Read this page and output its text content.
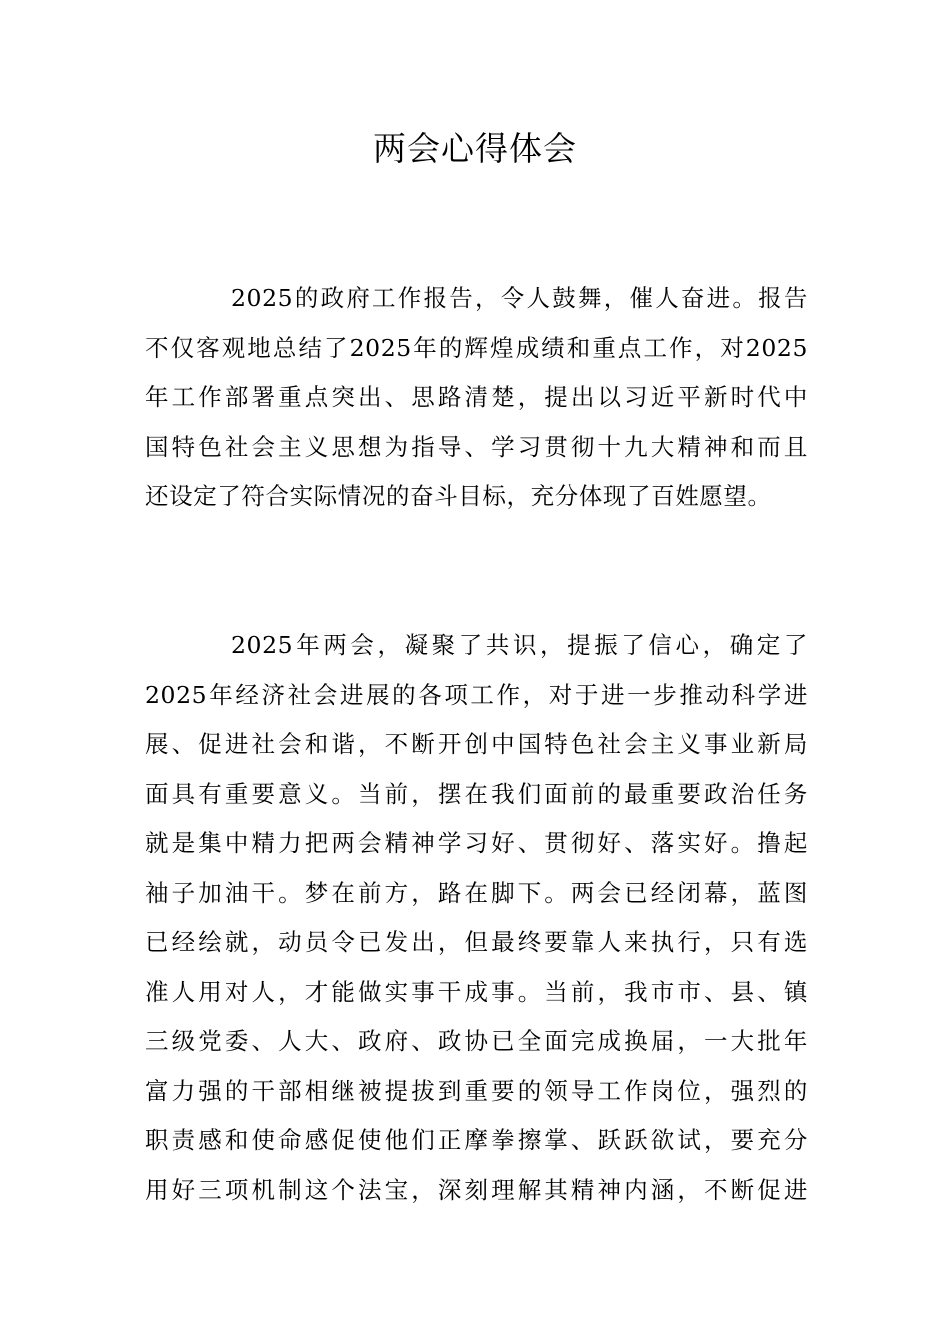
两会心得体会
2025的政府工作报告，令人鼓舞，催人奋进。报告
不仅客观地总结了2025年的辉煌成绩和重点工作，对2025
年工作部署重点突出、思路清楚，提出以习近平新时代中
国特色社会主义思想为指导、学习贯彻十九大精神和而且
还设定了符合实际情况的奋斗目标，充分体现了百姓愿望。
2025年两会，凝聚了共识，提振了信心，确定了
2025年经济社会进展的各项工作，对于进一步推动科学进
展、促进社会和谐，不断开创中国特色社会主义事业新局
面具有重要意义。当前，摆在我们面前的最重要政治任务
就是集中精力把两会精神学习好、贯彻好、落实好。撸起
袖子加油干。梦在前方，路在脚下。两会已经闭幕，蓝图
已经绘就，动员令已发出，但最终要靠人来执行，只有选
准人用对人，才能做实事干成事。当前，我市市、县、镇
三级党委、人大、政府、政协已全面完成换届，一大批年
富力强的干部相继被提拔到重要的领导工作岗位，强烈的
职责感和使命感促使他们正摩拳擦掌、跃跃欲试，要充分
用好三项机制这个法宝，深刻理解其精神内涵，不断促进
